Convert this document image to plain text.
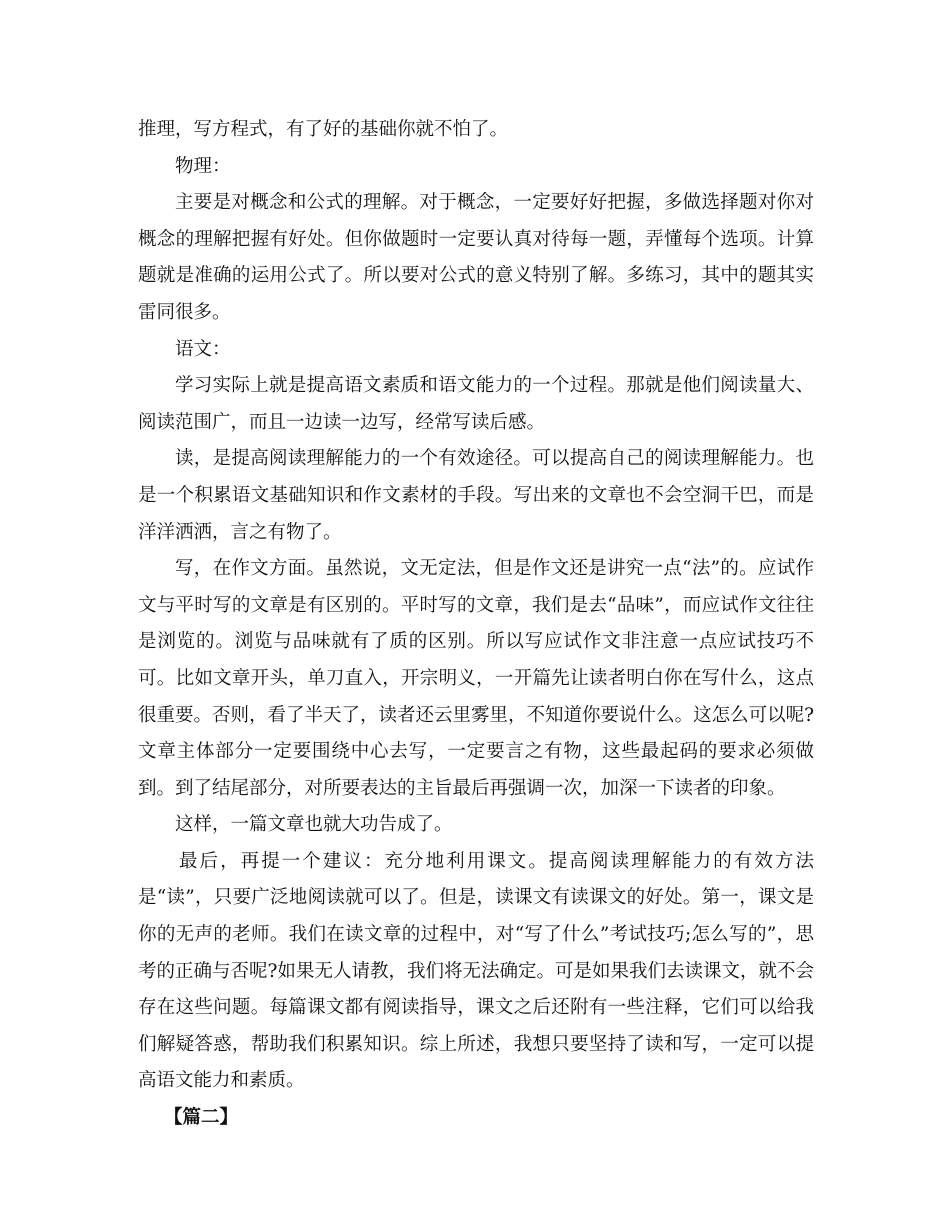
推理，写方程式，有了好的基础你就不怕了。

物理：

主要是对概念和公式的理解。对于概念，一定要好好把握，多做选择题对你对概念的理解把握有好处。但你做题时一定要认真对待每一题，弄懂每个选项。计算题就是准确的运用公式了。所以要对公式的意义特别了解。多练习，其中的题其实雷同很多。

语文：

学习实际上就是提高语文素质和语文能力的一个过程。那就是他们阅读量大、阅读范围广，而且一边读一边写，经常写读后感。

读，是提高阅读理解能力的一个有效途径。可以提高自己的阅读理解能力。也是一个积累语文基础知识和作文素材的手段。写出来的文章也不会空洞干巴，而是洋洋洒洒，言之有物了。

写，在作文方面。虽然说，文无定法，但是作文还是讲究一点“法”的。应试作文与平时写的文章是有区别的。平时写的文章，我们是去“品味”，而应试作文往往是浏览的。浏览与品味就有了质的区别。所以写应试作文非注意一点应试技巧不可。比如文章开头，单刀直入，开宗明义，一开篇先让读者明白你在写什么，这点很重要。否则，看了半天了，读者还云里雾里，不知道你要说什么。这怎么可以呢?文章主体部分一定要围绕中心去写，一定要言之有物，这些最起码的要求必须做到。到了结尾部分，对所要表达的主旨最后再强调一次，加深一下读者的印象。

这样，一篇文章也就大功告成了。

最后，再提一个建议：充分地利用课文。提高阅读理解能力的有效方法是“读”，只要广泛地阅读就可以了。但是，读课文有读课文的好处。第一，课文是你的无声的老师。我们在读文章的过程中，对“写了什么”考试技巧;怎么写的”，思考的正确与否呢?如果无人请教，我们将无法确定。可是如果我们去读课文，就不会存在这些问题。每篇课文都有阅读指导，课文之后还附有一些注释，它们可以给我们解疑答惑，帮助我们积累知识。综上所述，我想只要坚持了读和写，一定可以提高语文能力和素质。

【篇二】
